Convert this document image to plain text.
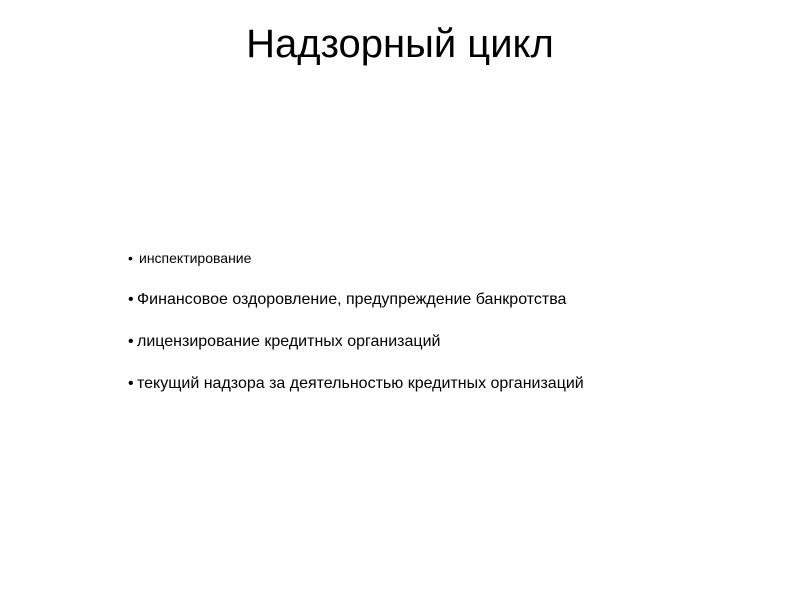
Надзорный цикл
• инспектирование
• Финансовое оздоровление, предупреждение банкротства
• лицензирование кредитных организаций
• текущий надзора за деятельностью кредитных организаций
